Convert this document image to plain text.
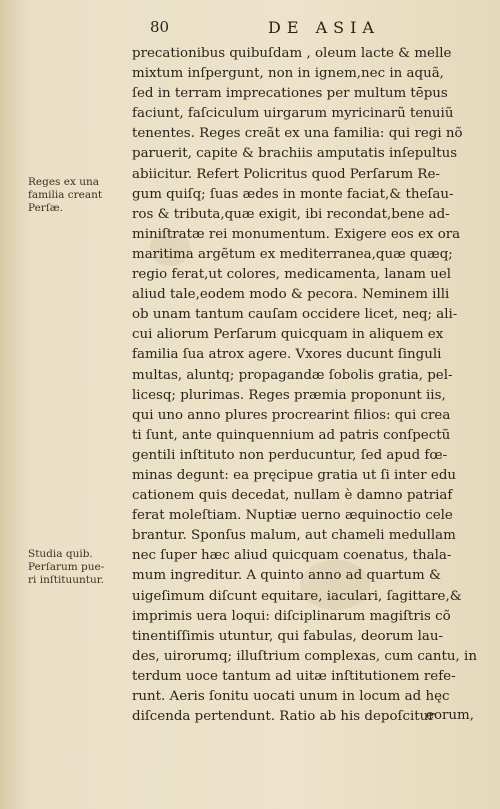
80	DE ASIA
Reges ex una
familia creant
Perſæ.
Studia quib.
Perſarum pue-
ri inſtituuntur.
precationibus quibuſdam , oleum lacte & melle
mixtum inſpergunt, non in ignem,nec in aquã,
ſed in terram imprecationes per multum tēpus
faciunt, faſciculum uirgarum myricinarũ tenuiũ
tenentes. Reges creãt ex una familia: qui regi nõ
paruerit, capite & brachiis amputatis inſepultus
abiicitur. Refert Policritus quod Perſarum Re-
gum quiſq; ſuas ædes in monte faciat,& theſau-
ros & tributa,quæ exigit, ibi recondat,bene ad-
miniſtratæ rei monumentum. Exigere eos ex ora
maritima argẽtum ex mediterranea,quæ quæq;
regio ferat,ut colores, medicamenta, lanam uel
aliud tale,eodem modo & pecora. Neminem illi
ob unam tantum cauſam occidere licet, neq; ali-
cui aliorum Perſarum quicquam in aliquem ex
familia ſua atrox agere. Vxores ducunt ſinguli
multas, aluntq; propagandæ ſobolis gratia, pel-
licesq; plurimas. Reges præmia proponunt iis,
qui uno anno plures procrearint filios: qui crea
ti ſunt, ante quinquennium ad patris conſpectũ
gentili inſtituto non perducuntur, ſed apud fœ-
minas degunt: ea pręcipue gratia ut ſi inter edu
cationem quis decedat, nullam è damno patriaf
ferat moleſtiam. Nuptiæ uerno æquinoctio cele
brantur. Sponſus malum, aut chameli medullam
nec ſuper hæc aliud quicquam coenatus, thala-
mum ingreditur. A quinto anno ad quartum &
uigeſimum diſcunt equitare, iaculari, ſagittare,&
imprimis uera loqui: diſciplinarum magiſtris cõ
tinentiſſimis utuntur, qui fabulas, deorum lau-
des, uirorumq; illuſtrium complexas, cum cantu, in
terdum uoce tantum ad uitæ inſtitutionem refe-
runt. Aeris ſonitu uocati unum in locum ad hęc
diſcenda pertendunt. Ratio ab his depoſcitur
eorum,
